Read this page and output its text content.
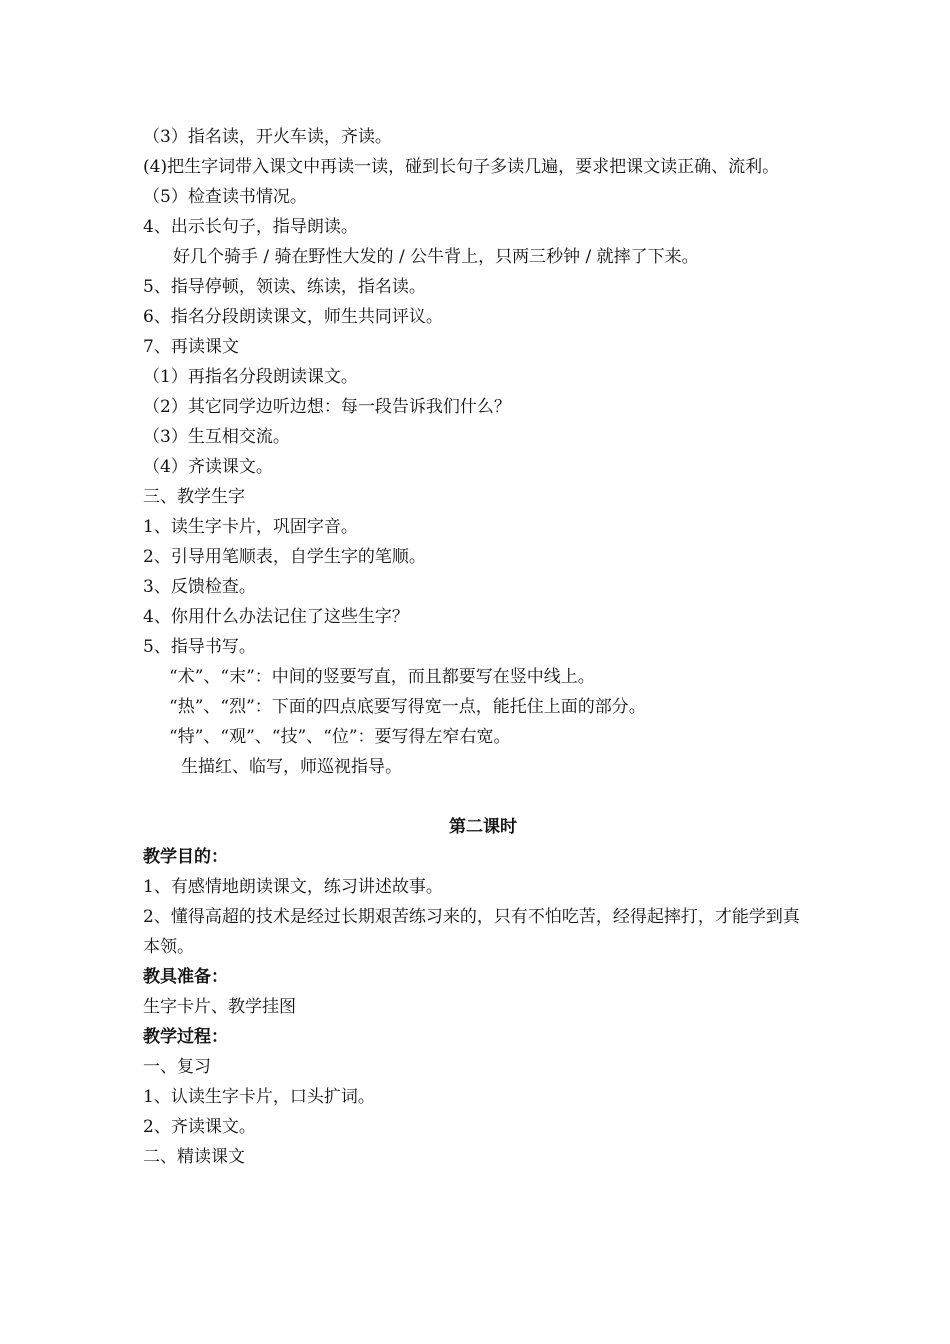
（3）指名读，开火车读，齐读。

(4)把生字词带入课文中再读一读，碰到长句子多读几遍，要求把课文读正确、流利。

（5）检查读书情况。

4、出示长句子，指导朗读。

好几个骑手 / 骑在野性大发的 / 公牛背上，只两三秒钟 / 就摔了下来。

5、指导停顿，领读、练读，指名读。

6、指名分段朗读课文，师生共同评议。

7、再读课文

（1）再指名分段朗读课文。

（2）其它同学边听边想：每一段告诉我们什么？

（3）生互相交流。

（4）齐读课文。

三、教学生字

1、读生字卡片，巩固字音。

2、引导用笔顺表，自学生字的笔顺。

3、反馈检查。

4、你用什么办法记住了这些生字？

5、指导书写。

“术”、“末”：中间的竖要写直，而且都要写在竖中线上。

“热”、“烈”：下面的四点底要写得宽一点，能托住上面的部分。

“特”、“观”、“技”、“位”：要写得左窄右宽。

生描红、临写，师巡视指导。

第二课时

教学目的：

1、有感情地朗读课文，练习讲述故事。

2、懂得高超的技术是经过长期艰苦练习来的，只有不怕吃苦，经得起摔打，才能学到真本领。

教具准备：

生字卡片、教学挂图

教学过程：

一、复习

1、认读生字卡片，口头扩词。

2、齐读课文。

二、精读课文
